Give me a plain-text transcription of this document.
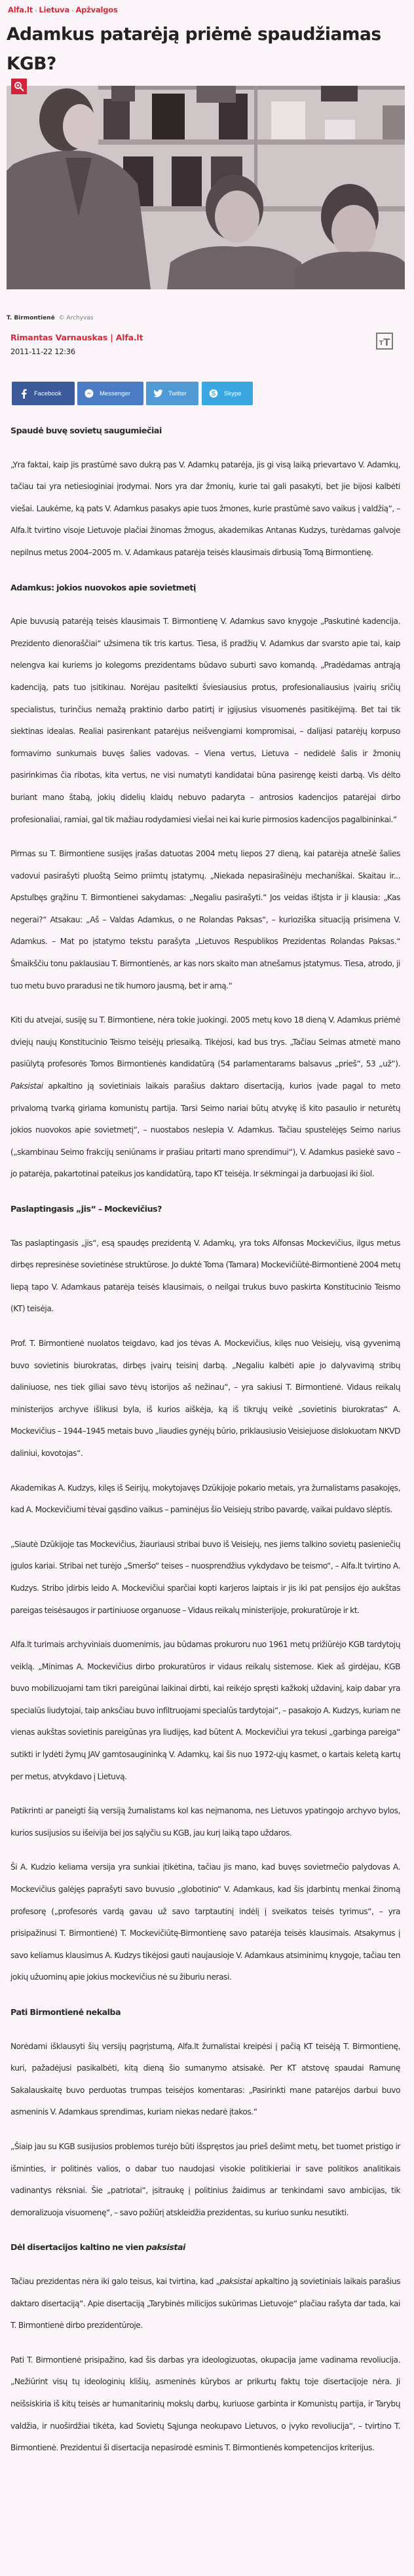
Alfa.lt › Lietuva › Apžvalgos
Adamkus patarėją priėmė spaudžiamas KGB?
T. Birmontienė © Archyvas
Rimantas Varnauskas | Alfa.lt
2011-11-22 12:36
T T
Facebook	Messenger	Twitter	S Skype
Spaudė buvę sovietų saugumiečiai

„Yra faktai, kaip jis prastūmė savo dukrą pas V. Adamkų patarėja, jis gi visą laiką prievartavo V. Adamkų, tačiau tai yra netiesioginiai įrodymai. Nors yra dar žmonių, kurie tai gali pasakyti, bet jie bijosi kalbėti viešai. Laukėme, ką pats V. Adamkus pasakys apie tuos žmones, kurie prastūmė savo vaikus į valdžią“, – Alfa.lt tvirtino visoje Lietuvoje plačiai žinomas žmogus, akademikas Antanas Kudzys, turėdamas galvoje nepilnus metus 2004–2005 m. V. Adamkaus patarėja teisės klausimais dirbusią Tomą Birmontienę.

Adamkus: jokios nuovokos apie sovietmetį

Apie buvusią patarėją teisės klausimais T. Birmontienę V. Adamkus savo knygoje „Paskutinė kadencija. Prezidento dienoraščiai“ užsimena tik tris kartus. Tiesa, iš pradžių V. Adamkus dar svarsto apie tai, kaip nelengva kai kuriems jo kolegoms prezidentams būdavo suburti savo komandą. „Pradėdamas antrąją kadenciją, pats tuo įsitikinau. Norėjau pasitelkti šviesiausius protus, profesionaliausius įvairių sričių specialistus, turinčius nemažą praktinio darbo patirtį ir įgijusius visuomenės pasitikėjimą. Bet tai tik siektinas idealas. Realiai pasirenkant patarėjus neišvengiami kompromisai, – dalijasi patarėjų korpuso formavimo sunkumais buvęs šalies vadovas. – Viena vertus, Lietuva – nedidelė šalis ir žmonių pasirinkimas čia ribotas, kita vertus, ne visi numatyti kandidatai būna pasirengę keisti darbą. Vis dėlto buriant mano štabą, jokių didelių klaidų nebuvo padaryta – antrosios kadencijos patarėjai dirbo profesionaliai, ramiai, gal tik mažiau rodydamiesi viešai nei kai kurie pirmosios kadencijos pagalbininkai.“

Pirmas su T. Birmontiene susijęs įrašas datuotas 2004 metų liepos 27 dieną, kai patarėja atnešė šalies vadovui pasirašyti pluoštą Seimo priimtų įstatymų. „Niekada nepasirašinėju mechaniškai. Skaitau ir... Apstulbęs grąžinu T. Birmontienei sakydamas: „Negaliu pasirašyti.“ Jos veidas ištįsta ir ji klausia: „Kas negerai?“ Atsakau: „Aš – Valdas Adamkus, o ne Rolandas Paksas“, – kurioziška situaciją prisimena V. Adamkus. – Mat po įstatymo tekstu parašyta „Lietuvos Respublikos Prezidentas Rolandas Paksas.“ Šmaikščiu tonu paklausiau T. Birmontienės, ar kas nors skaito man atnešamus įstatymus. Tiesa, atrodo, ji tuo metu buvo praradusi ne tik humoro jausmą, bet ir amą.“

Kiti du atvejai, susiję su T. Birmontiene, nėra tokie juokingi. 2005 metų kovo 18 dieną V. Adamkus priėmė dviejų naujų Konstitucinio Teismo teisėjų priesaiką. Tikėjosi, kad bus trys. „Tačiau Seimas atmetė mano pasiūlytą profesorės Tomos Birmontienės kandidatūrą (54 parlamentarams balsavus „prieš“, 53 „už“). Paksistai apkaltino ją sovietiniais laikais parašius daktaro disertaciją, kurios įvade pagal to meto privalomą tvarką giriama komunistų partija. Tarsi Seimo nariai būtų atvykę iš kito pasaulio ir neturėtų jokios nuovokos apie sovietmetį“, – nuostabos neslepia V. Adamkus. Tačiau spustelėjęs Seimo narius („skambinau Seimo frakcijų seniūnams ir prašiau pritarti mano sprendimui“), V. Adamkus pasiekė savo – jo patarėja, pakartotinai pateikus jos kandidatūrą, tapo KT teisėja. Ir sėkmingai ja darbuojasi iki šiol.

Paslaptingasis „jis“ – Mockevičius?

Tas paslaptingasis „jis“, esą spaudęs prezidentą V. Adamkų, yra toks Alfonsas Mockevičius, ilgus metus dirbęs represinėse sovietinėse struktūrose. Jo duktė Toma (Tamara) Mockevičiūtė-Birmontienė 2004 metų liepą tapo V. Adamkaus patarėja teisės klausimais, o neilgai trukus buvo paskirta Konstitucinio Teismo (KT) teisėja.

Prof. T. Birmontienė nuolatos teigdavo, kad jos tėvas A. Mockevičius, kilęs nuo Veisiejų, visą gyvenimą buvo sovietinis biurokratas, dirbęs įvairų teisinį darbą. „Negaliu kalbėti apie jo dalyvavimą stribų daliniuose, nes tiek giliai savo tėvų istorijos aš nežinau“, – yra sakiusi T. Birmontienė. Vidaus reikalų ministerijos archyve išlikusi byla, iš kurios aiškėja, ką iš tikrųjų veikė „sovietinis biurokratas“ A. Mockevičius – 1944–1945 metais buvo „liaudies gynėjų būrio, priklausiusio Veisiejuose dislokuotam NKVD daliniui, kovotojas“.

Akademikas A. Kudzys, kilęs iš Seirijų, mokytojavęs Dzūkijoje pokario metais, yra žurnalistams pasakojęs, kad A. Mockevičiumi tėvai gąsdino vaikus – paminėjus šio Veisiejų stribo pavardę, vaikai puldavo slėptis.

„Siautė Dzūkijoje tas Mockevičius, žiauriausi stribai buvo iš Veisiejų, nes jiems talkino sovietų pasieniečių įgulos kariai. Stribai net turėjo „Smeršo“ teises – nuosprendžius vykdydavo be teismo“, – Alfa.lt tvirtino A. Kudzys. Stribo įdirbis leido A. Mockevičiui sparčiai kopti karjeros laiptais ir jis iki pat pensijos ėjo aukštas pareigas teisėsaugos ir partiniuose organuose – Vidaus reikalų ministerijoje, prokuratūroje ir kt.

Alfa.lt turimais archyviniais duomenimis, jau būdamas prokuroru nuo 1961 metų prižiūrėjo KGB tardytojų veiklą. „Minimas A. Mockevičius dirbo prokuratūros ir vidaus reikalų sistemose. Kiek aš girdėjau, KGB buvo mobilizuojami tam tikri pareigūnai laikinai dirbti, kai reikėjo spręsti kažkokį uždavinį, kaip dabar yra specialūs liudytojai, taip anksčiau buvo infiltruojami specialūs tardytojai“, – pasakojo A. Kudzys, kuriam ne vienas aukštas sovietinis pareigūnas yra liudijęs, kad būtent A. Mockevičiui yra tekusi „garbinga pareiga“ sutikti ir lydėti žymų JAV gamtosaugininką V. Adamkų, kai šis nuo 1972-ųjų kasmet, o kartais keletą kartų per metus, atvykdavo į Lietuvą.

Patikrinti ar paneigti šią versiją žurnalistams kol kas neįmanoma, nes Lietuvos ypatingojo archyvo bylos, kurios susijusios su išeivija bei jos sąlyčiu su KGB, jau kurį laiką tapo uždaros.

Ši A. Kudzio keliama versija yra sunkiai įtikėtina, tačiau jis mano, kad buvęs sovietmečio palydovas A. Mockevičius galėjęs paprašyti savo buvusio „globotinio“ V. Adamkaus, kad šis įdarbintų menkai žinomą profesorę („profesorės vardą gavau už savo tarptautinį indėlį į sveikatos teisės tyrimus“, – yra prisipažinusi T. Birmontienė) T. Mockevičiūtę-Birmontienę savo patarėja teisės klausimais. Atsakymus į savo keliamus klausimus A. Kudzys tikėjosi gauti naujausioje V. Adamkaus atsiminimų knygoje, tačiau ten jokių užuominų apie jokius mockevičius nė su žiburiu nerasi.

Pati Birmontienė nekalba

Norėdami išklausyti šių versijų pagrįstumą, Alfa.lt žurnalistai kreipėsi į pačią KT teisėją T. Birmontienę, kuri, pažadėjusi pasikalbėti, kitą dieną šio sumanymo atsisakė. Per KT atstovę spaudai Ramunę Sakalauskaitę buvo perduotas trumpas teisėjos komentaras: „Pasirinkti mane patarėjos darbui buvo asmeninis V. Adamkaus sprendimas, kuriam niekas nedarė įtakos.“

„Šiaip jau su KGB susijusios problemos turėjo būti išspręstos jau prieš dešimt metų, bet tuomet pristigo ir išminties, ir politinės valios, o dabar tuo naudojasi visokie politikieriai ir save politikos analitikais vadinantys rėksniai. Šie „patriotai“, įsitraukę į politinius žaidimus ar tenkindami savo ambicijas, tik demoralizuoja visuomenę“, – savo požiūrį atskleidžia prezidentas, su kuriuo sunku nesutikti.

Dėl disertacijos kaltino ne vien paksistai

Tačiau prezidentas nėra iki galo teisus, kai tvirtina, kad „paksistai apkaltino ją sovietiniais laikais parašius daktaro disertaciją“. Apie disertaciją „Tarybinės milicijos sukūrimas Lietuvoje“ plačiau rašyta dar tada, kai T. Birmontienė dirbo prezidentūroje.

Pati T. Birmontienė prisipažino, kad šis darbas yra ideologizuotas, okupacija jame vadinama revoliucija. „Nežiūrint visų tų ideologinių klišių, asmeninės kūrybos ar prikurtų faktų toje disertacijoje nėra. Ji neišsiskiria iš kitų teisės ar humanitarinių mokslų darbų, kuriuose garbinta ir Komunistų partija, ir Tarybų valdžia, ir nuoširdžiai tikėta, kad Sovietų Sąjunga neokupavo Lietuvos, o įvyko revoliucija“, – tvirtino T. Birmontienė. Prezidentui ši disertacija nepasirodė esminis T. Birmontienės kompetencijos kriterijus.
